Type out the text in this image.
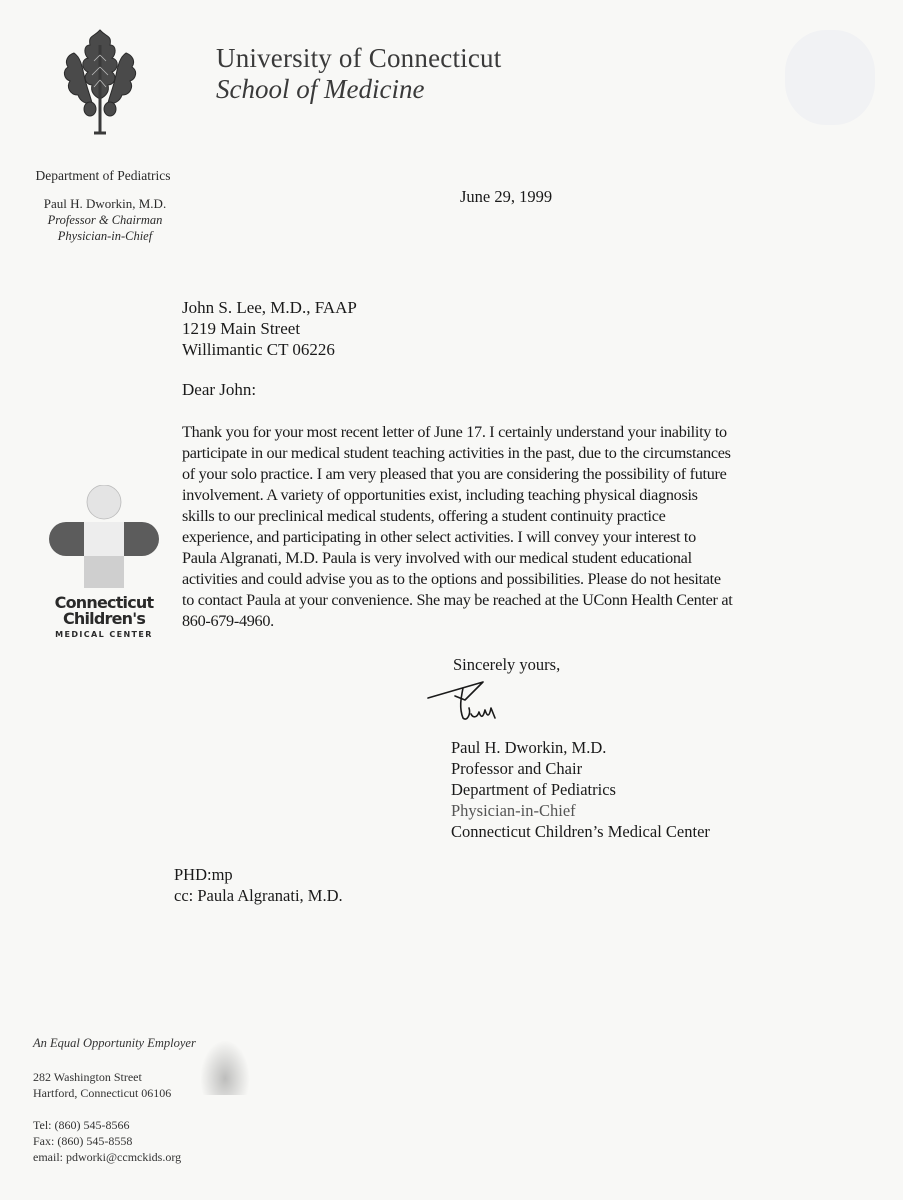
University of Connecticut
School of Medicine
Department of Pediatrics
Paul H. Dworkin, M.D.
Professor & Chairman
Physician-in-Chief
June 29, 1999
John S. Lee, M.D., FAAP
1219 Main Street
Willimantic CT 06226
Dear John:
Thank you for your most recent letter of June 17. I certainly understand your inability to
participate in our medical student teaching activities in the past, due to the circumstances
of your solo practice. I am very pleased that you are considering the possibility of future
involvement. A variety of opportunities exist, including teaching physical diagnosis
skills to our preclinical medical students, offering a student continuity practice
experience, and participating in other select activities. I will convey your interest to
Paula Algranati, M.D. Paula is very involved with our medical student educational
activities and could advise you as to the options and possibilities. Please do not hesitate
to contact Paula at your convenience. She may be reached at the UConn Health Center at
860-679-4960.
Connecticut
Children's
MEDICAL CENTER
Sincerely yours,
Paul H. Dworkin, M.D.
Professor and Chair
Department of Pediatrics
Physician-in-Chief
Connecticut Children’s Medical Center
PHD:mp
cc: Paula Algranati, M.D.
An Equal Opportunity Employer
282 Washington Street
Hartford, Connecticut 06106
Tel: (860) 545-8566
Fax: (860) 545-8558
email: pdworki@ccmckids.org
